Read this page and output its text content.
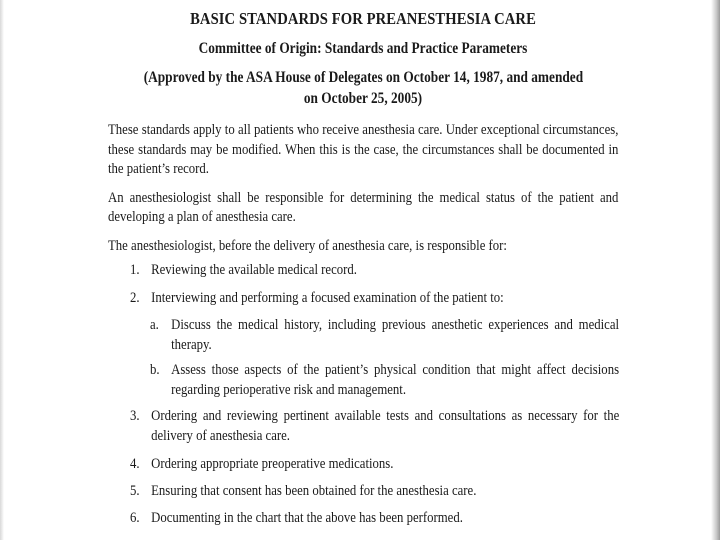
BASIC STANDARDS FOR PREANESTHESIA CARE
Committee of Origin: Standards and Practice Parameters
(Approved by the ASA House of Delegates on October 14, 1987, and amended
on October 25, 2005)
These standards apply to all patients who receive anesthesia care. Under exceptional circumstances, these standards may be modified. When this is the case, the circumstances shall be documented in the patient’s record.
An anesthesiologist shall be responsible for determining the medical status of the patient and developing a plan of anesthesia care.
The anesthesiologist, before the delivery of anesthesia care, is responsible for:
1. Reviewing the available medical record.
2. Interviewing and performing a focused examination of the patient to:
a. Discuss the medical history, including previous anesthetic experiences and medical therapy.
b. Assess those aspects of the patient’s physical condition that might affect decisions regarding perioperative risk and management.
3. Ordering and reviewing pertinent available tests and consultations as necessary for the delivery of anesthesia care.
4. Ordering appropriate preoperative medications.
5. Ensuring that consent has been obtained for the anesthesia care.
6. Documenting in the chart that the above has been performed.
